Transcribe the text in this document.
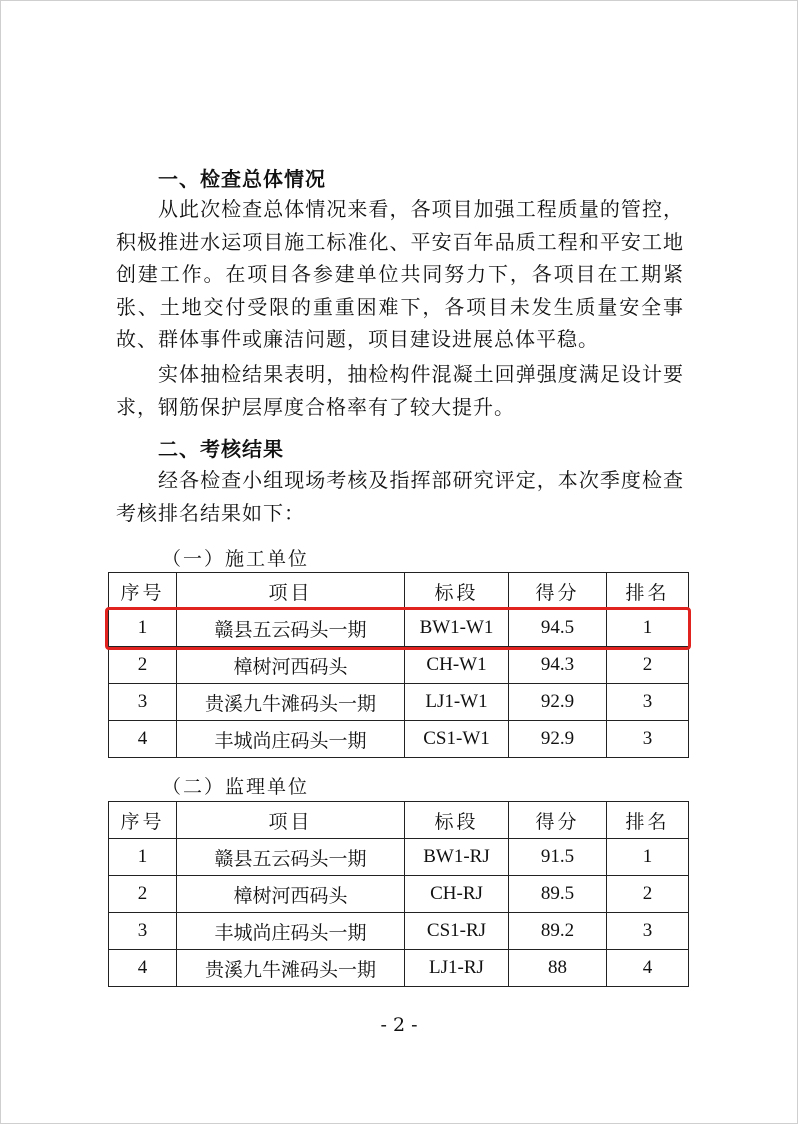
一、检查总体情况
从此次检查总体情况来看，各项目加强工程质量的管控，积极推进水运项目施工标准化、平安百年品质工程和平安工地创建工作。在项目各参建单位共同努力下，各项目在工期紧张、土地交付受限的重重困难下，各项目未发生质量安全事故、群体事件或廉洁问题，项目建设进展总体平稳。
实体抽检结果表明，抽检构件混凝土回弹强度满足设计要求，钢筋保护层厚度合格率有了较大提升。
二、考核结果
经各检查小组现场考核及指挥部研究评定，本次季度检查考核排名结果如下：
（一）施工单位
序号	项目	标段	得分	排名
1	赣县五云码头一期	BW1-W1	94.5	1
2	樟树河西码头	CH-W1	94.3	2
3	贵溪九牛滩码头一期	LJ1-W1	92.9	3
4	丰城尚庄码头一期	CS1-W1	92.9	3
（二）监理单位
序号	项目	标段	得分	排名
1	赣县五云码头一期	BW1-RJ	91.5	1
2	樟树河西码头	CH-RJ	89.5	2
3	丰城尚庄码头一期	CS1-RJ	89.2	3
4	贵溪九牛滩码头一期	LJ1-RJ	88	4
- 2 -
